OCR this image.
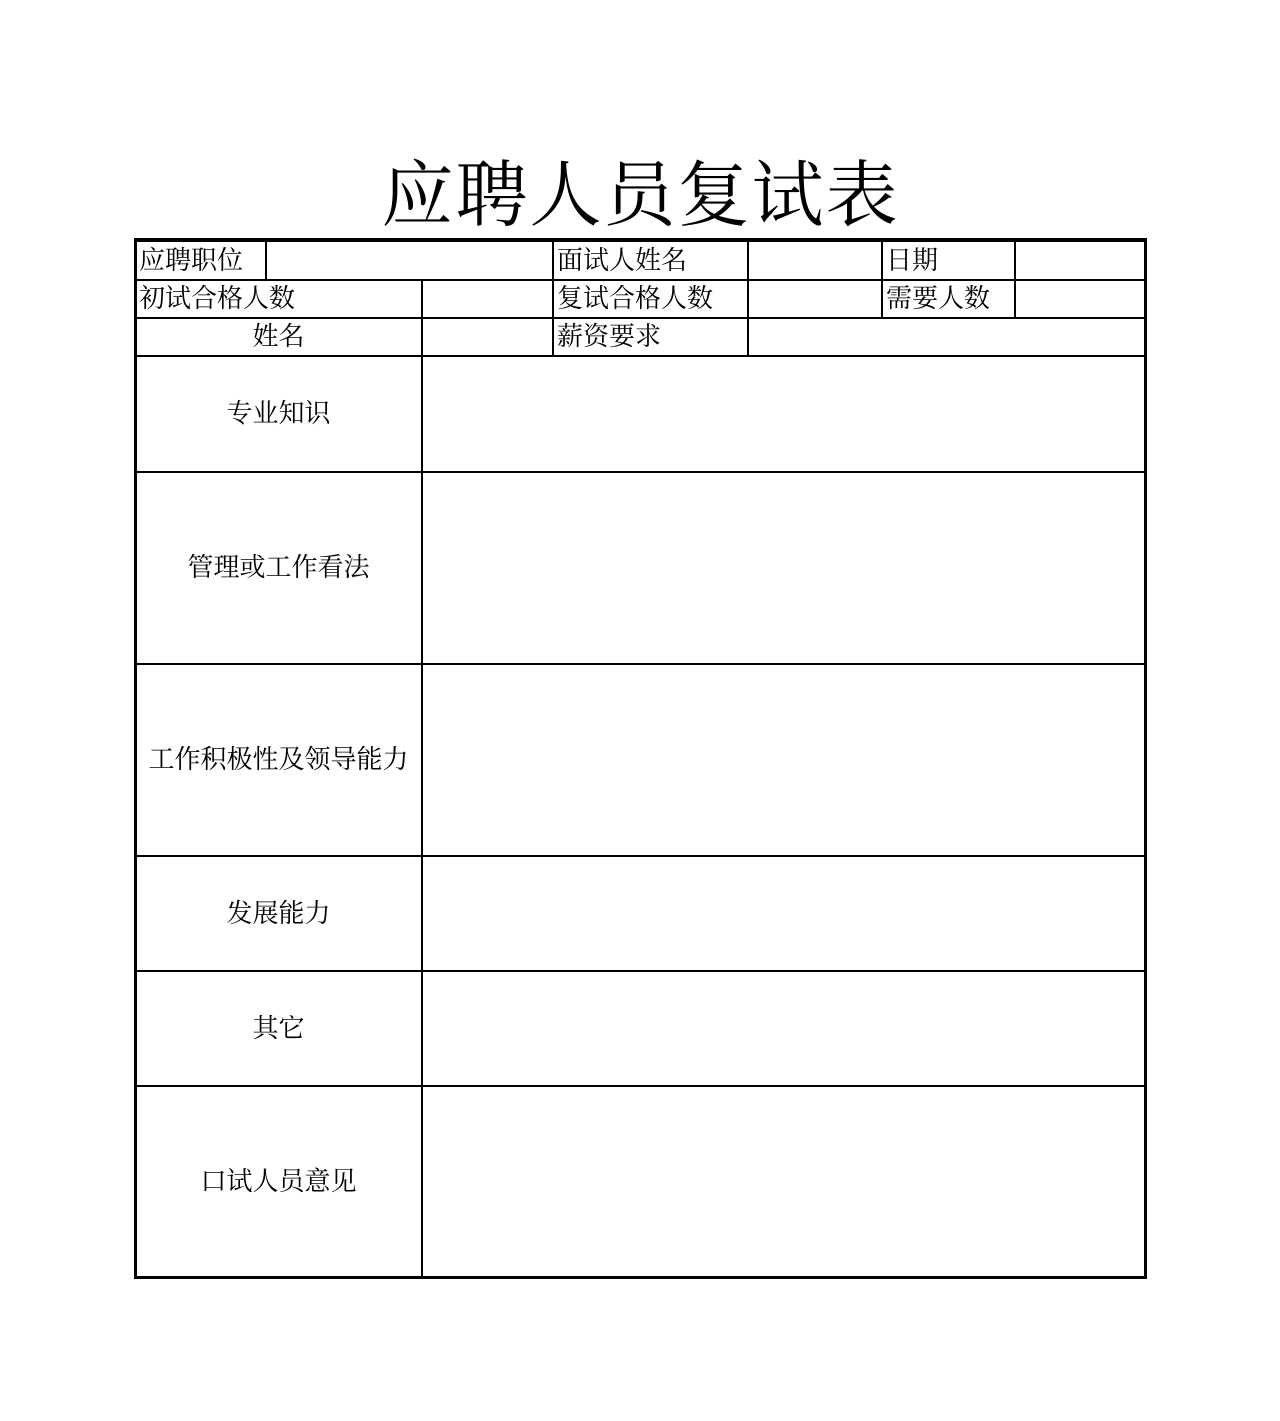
应聘人员复试表
应聘职位	面试人姓名	日期
初试合格人数	复试合格人数	需要人数
姓名	薪资要求
专业知识
管理或工作看法
工作积极性及领导能力
发展能力
其它
口试人员意见
